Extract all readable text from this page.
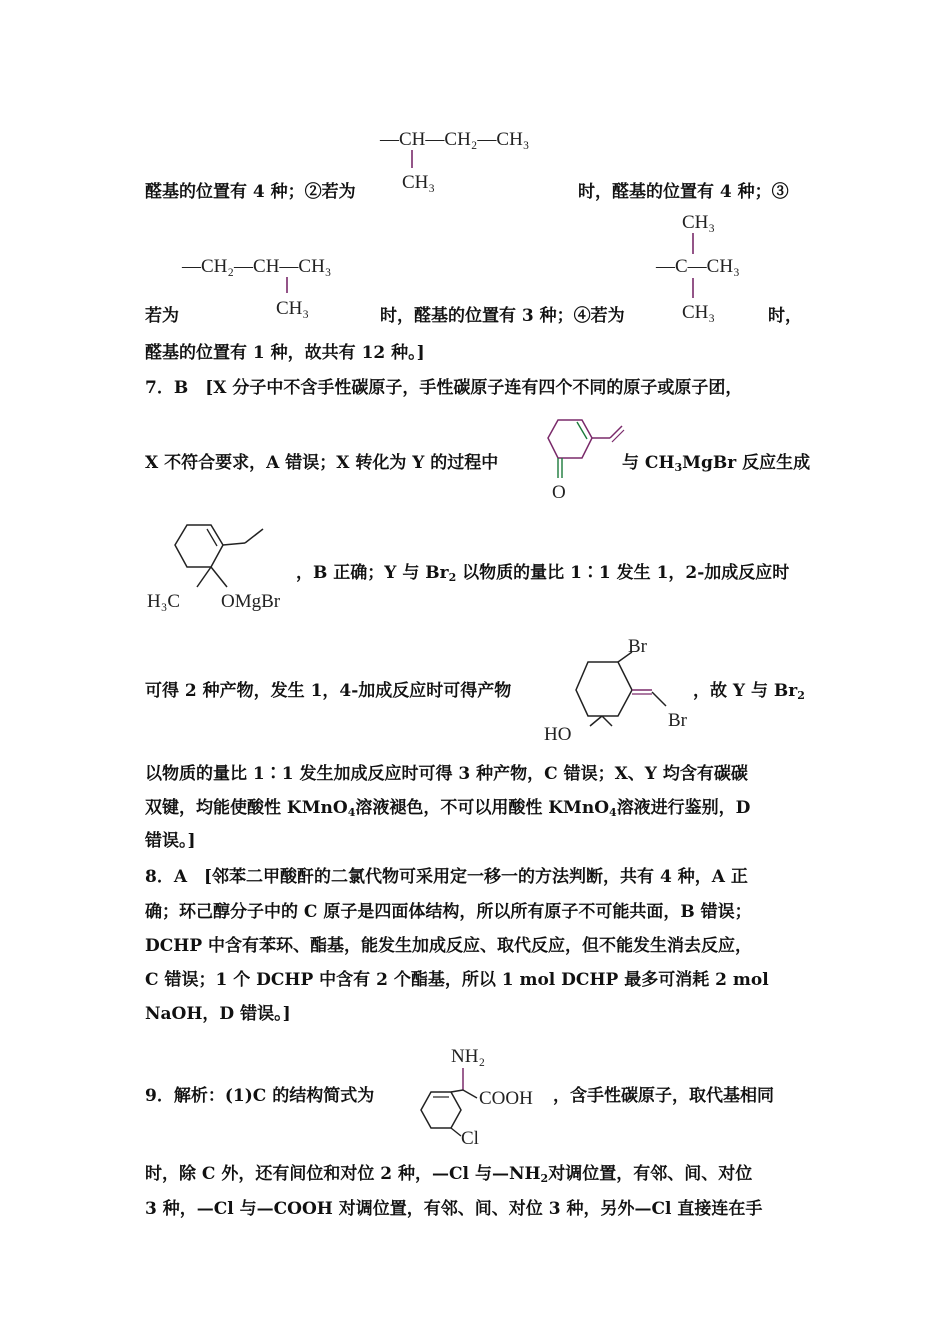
—CH—CH₂—CH₃
CH₃
醛基的位置有 4 种；②若为	时，醛基的位置有 4 种；③
—CH₂—CH—CH₃
CH₃
CH₃
—C—CH₃
CH₃
若为	时，醛基的位置有 3 种；④若为	时，
醛基的位置有 1 种，故共有 12 种。]
7．B　[X 分子中不含手性碳原子，手性碳原子连有四个不同的原子或原子团，
O
X 不符合要求，A 错误；X 转化为 Y 的过程中	与 $CH_3MgBr$ 反应生成
H₃C OMgBr
，B 正确；Y 与 $Br_2$ 以物质的量比 1∶1 发生 1，2-加成反应时
Br
Br
HO
可得 2 种产物，发生 1，4-加成反应时可得产物	，故 Y 与 $Br_2$
以物质的量比 1∶1 发生加成反应时可得 3 种产物，C 错误；X、Y 均含有碳碳
双键，均能使酸性 KMnO$_4$溶液褪色，不可以用酸性 KMnO$_4$溶液进行鉴别，D
错误。]
8．A　[邻苯二甲酸酐的二氯代物可采用定一移一的方法判断，共有 4 种，A 正
确；环己醇分子中的 C 原子是四面体结构，所以所有原子不可能共面，B 错误；
DCHP 中含有苯环、酯基，能发生加成反应、取代反应，但不能发生消去反应，
C 错误；1 个 DCHP 中含有 2 个酯基，所以 1 mol DCHP 最多可消耗 2 mol
NaOH，D 错误。]
NH₂
COOH
Cl
9．解析：(1)C 的结构简式为	，含手性碳原子，取代基相同
时，除 C 外，还有间位和对位 2 种，—Cl 与$—NH_2$对调位置，有邻、间、对位
3 种，—Cl 与—COOH 对调位置，有邻、间、对位 3 种，另外—Cl 直接连在手
